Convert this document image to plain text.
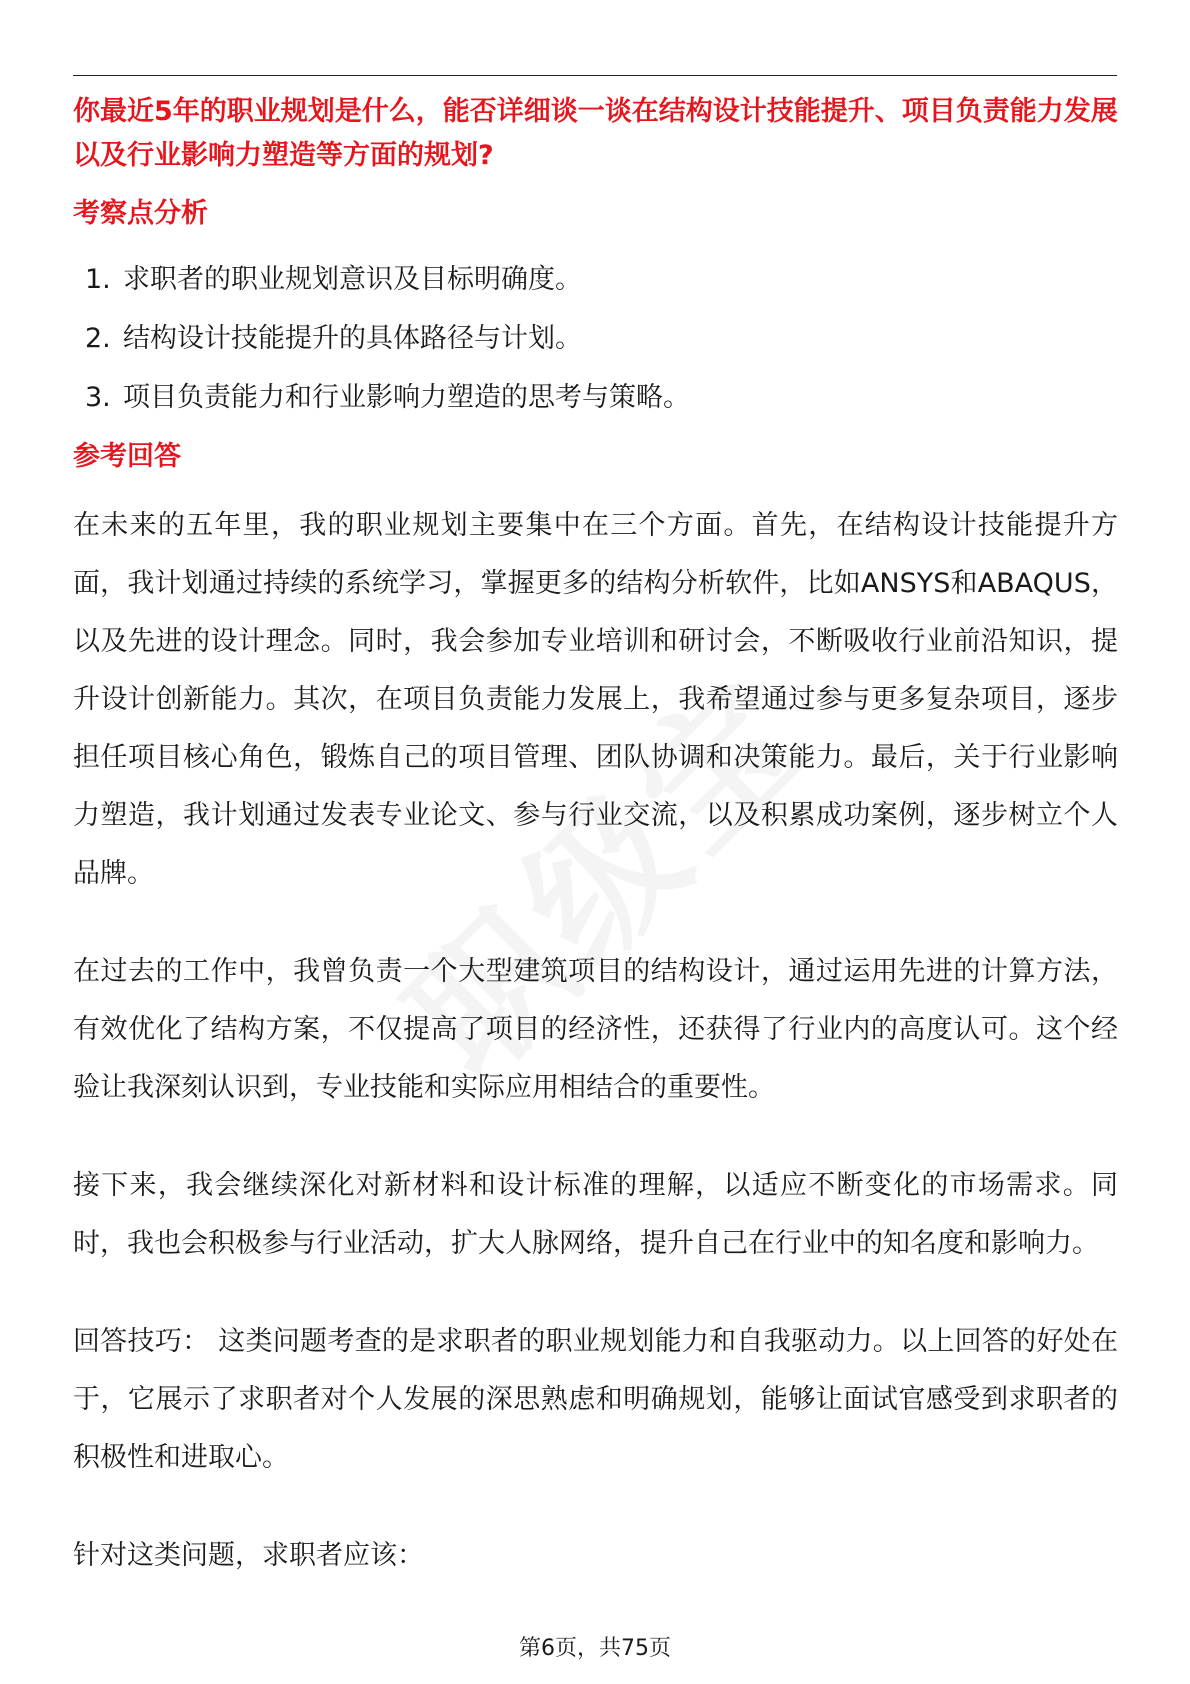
你最近5年的职业规划是什么，能否详细谈一谈在结构设计技能提升、项目负责能力发展以及行业影响力塑造等方面的规划?

考察点分析
1. 求职者的职业规划意识及目标明确度。
2. 结构设计技能提升的具体路径与计划。
3. 项目负责能力和行业影响力塑造的思考与策略。
参考回答

在未来的五年里，我的职业规划主要集中在三个方面。首先，在结构设计技能提升方面，我计划通过持续的系统学习，掌握更多的结构分析软件，比如ANSYS和ABAQUS，以及先进的设计理念。同时，我会参加专业培训和研讨会，不断吸收行业前沿知识，提升设计创新能力。其次，在项目负责能力发展上，我希望通过参与更多复杂项目，逐步担任项目核心角色，锻炼自己的项目管理、团队协调和决策能力。最后，关于行业影响力塑造，我计划通过发表专业论文、参与行业交流，以及积累成功案例，逐步树立个人品牌。

在过去的工作中，我曾负责一个大型建筑项目的结构设计，通过运用先进的计算方法，有效优化了结构方案，不仅提高了项目的经济性，还获得了行业内的高度认可。这个经验让我深刻认识到，专业技能和实际应用相结合的重要性。

接下来，我会继续深化对新材料和设计标准的理解，以适应不断变化的市场需求。同时，我也会积极参与行业活动，扩大人脉网络，提升自己在行业中的知名度和影响力。

回答技巧： 这类问题考查的是求职者的职业规划能力和自我驱动力。以上回答的好处在于，它展示了求职者对个人发展的深思熟虑和明确规划，能够让面试官感受到求职者的积极性和进取心。

针对这类问题，求职者应该：

第6页，共75页
